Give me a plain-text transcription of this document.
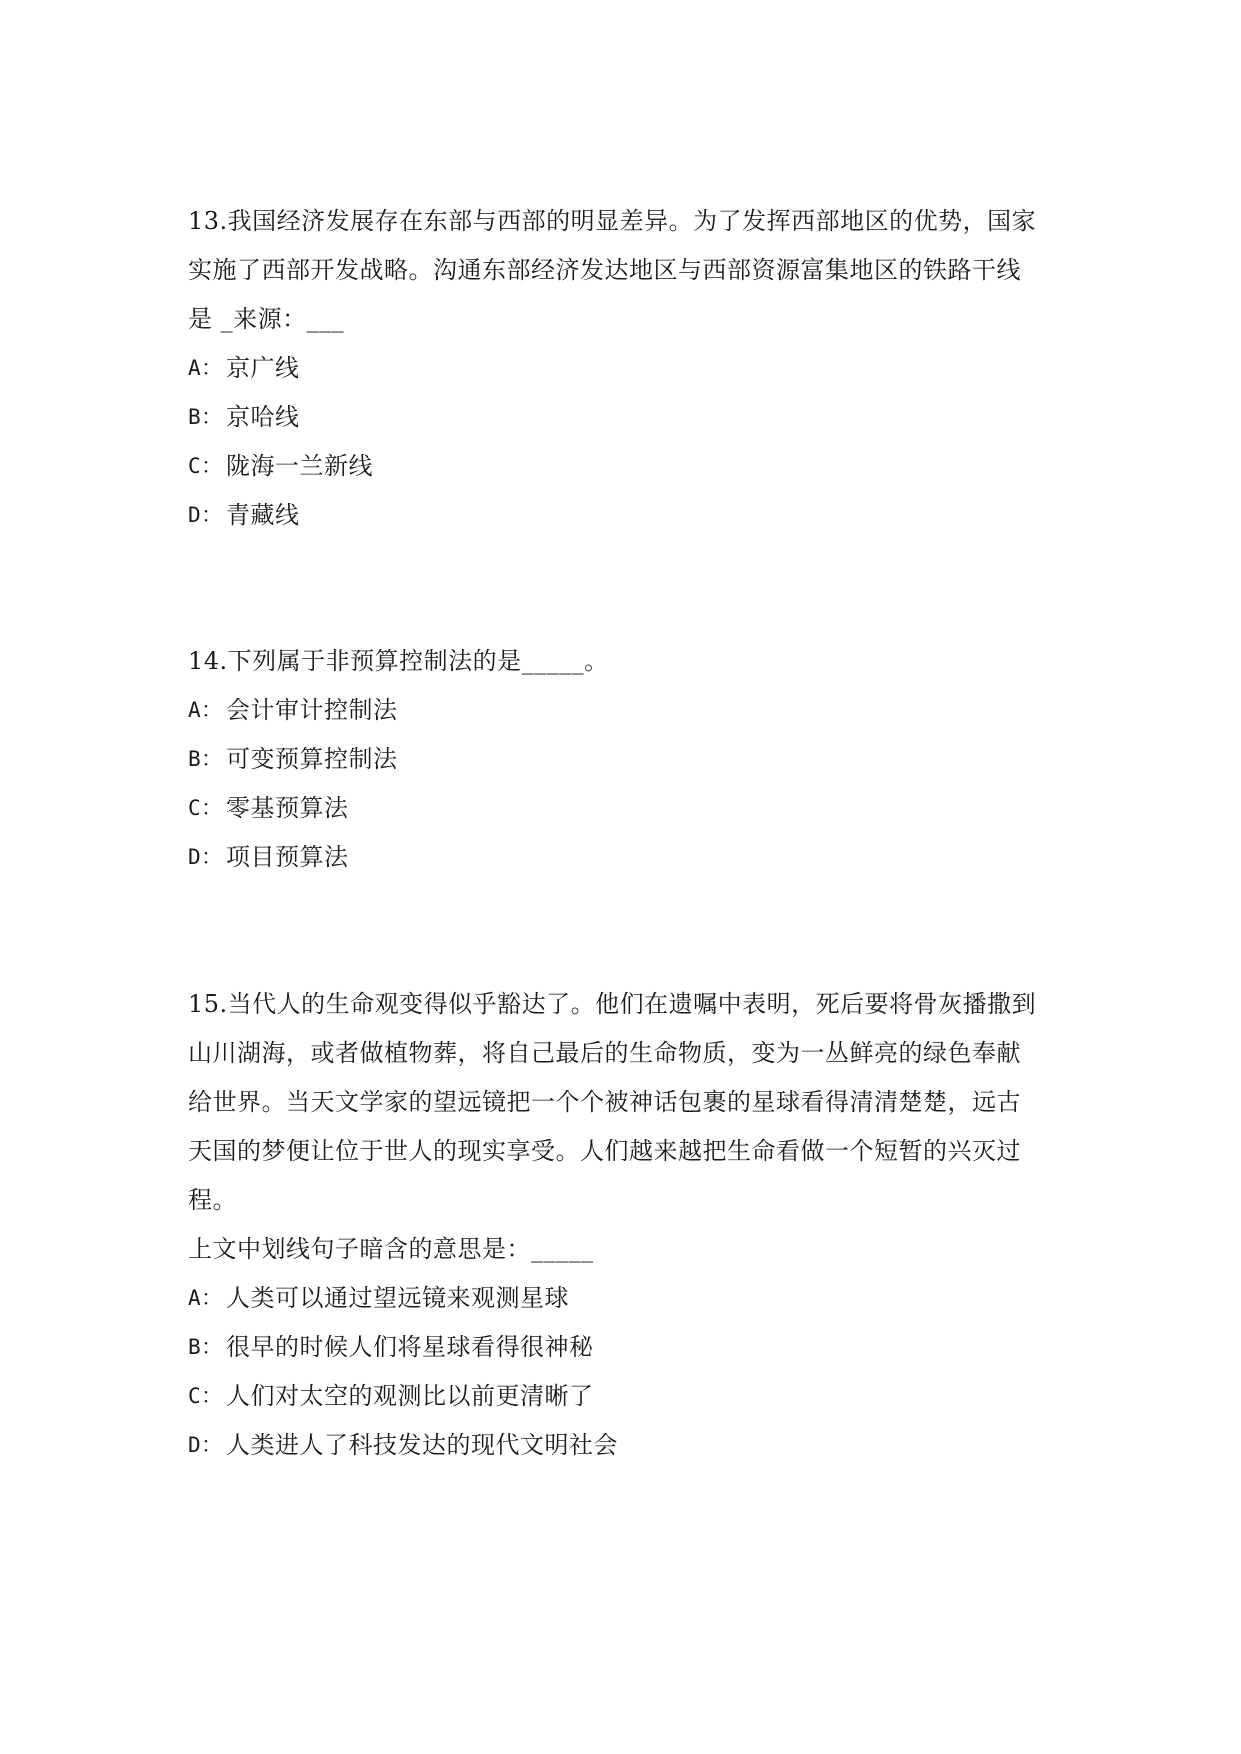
13.我国经济发展存在东部与西部的明显差异。为了发挥西部地区的优势，国家

实施了西部开发战略。沟通东部经济发达地区与西部资源富集地区的铁路干线

是 _来源：___

A： 京广线
B： 京哈线
C： 陇海一兰新线
D： 青藏线

14.下列属于非预算控制法的是_____。

A： 会计审计控制法
B： 可变预算控制法
C： 零基预算法
D： 项目预算法

15.当代人的生命观变得似乎豁达了。他们在遗嘱中表明，死后要将骨灰播撒到

山川湖海，或者做植物葬，将自己最后的生命物质，变为一丛鲜亮的绿色奉献

给世界。当天文学家的望远镜把一个个被神话包裹的星球看得清清楚楚，远古

天国的梦便让位于世人的现实享受。人们越来越把生命看做一个短暂的兴灭过

程。

上文中划线句子暗含的意思是：_____

A： 人类可以通过望远镜来观测星球
B： 很早的时候人们将星球看得很神秘
C： 人们对太空的观测比以前更清晰了
D： 人类进人了科技发达的现代文明社会
